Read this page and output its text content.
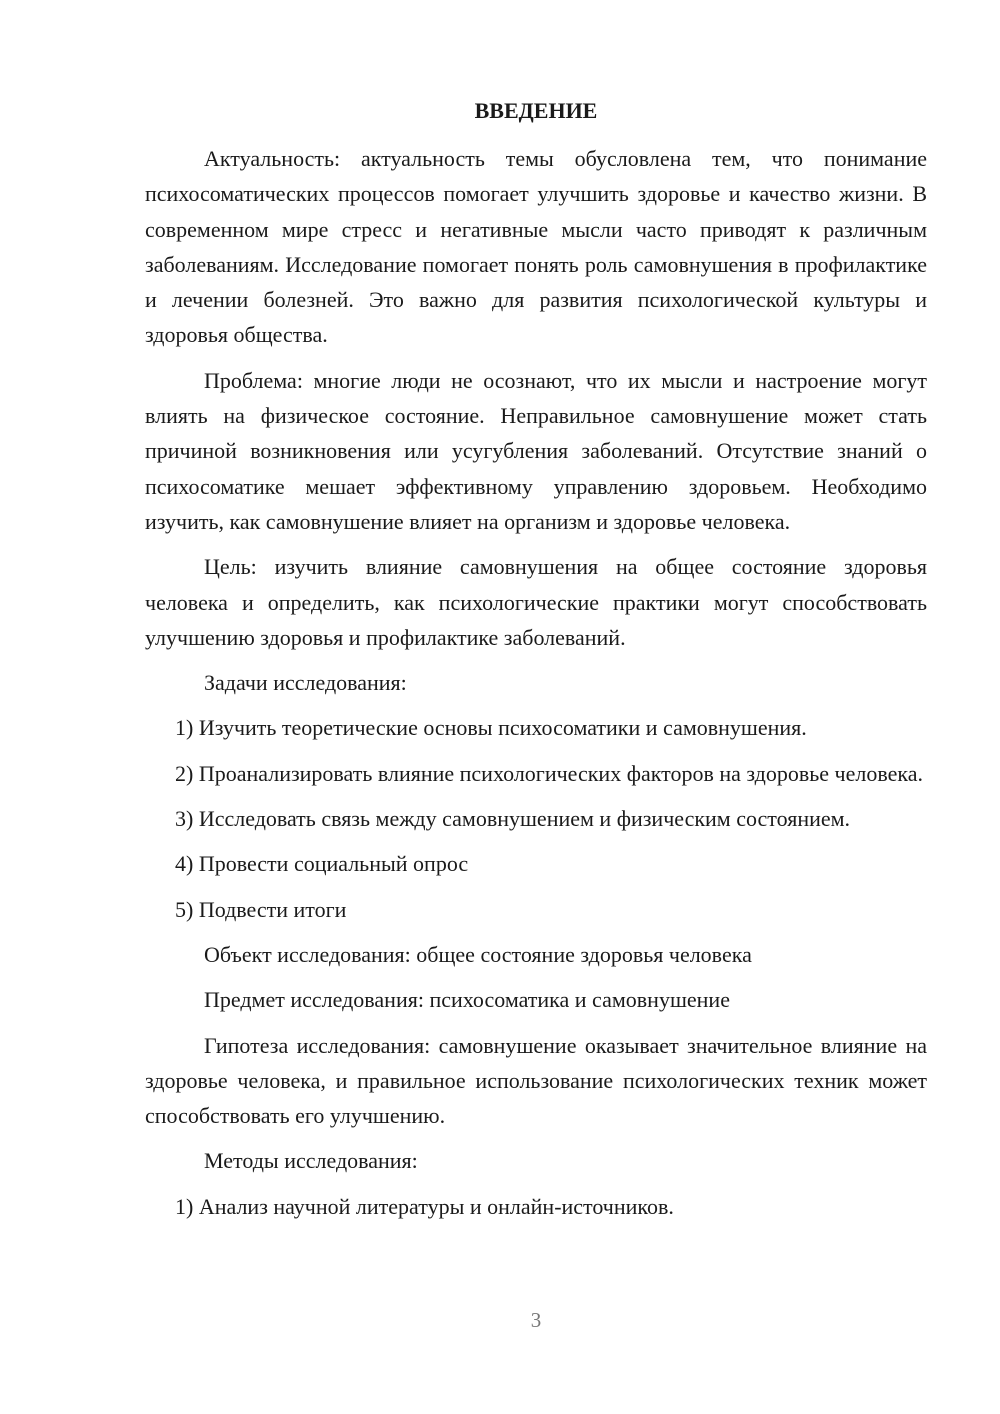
ВВЕДЕНИЕ

Актуальность: актуальность темы обусловлена тем, что понимание психосоматических процессов помогает улучшить здоровье и качество жизни. В современном мире стресс и негативные мысли часто приводят к различным заболеваниям. Исследование помогает понять роль самовнушения в профилактике и лечении болезней. Это важно для развития психологической культуры и здоровья общества.

Проблема: многие люди не осознают, что их мысли и настроение могут влиять на физическое состояние. Неправильное самовнушение может стать причиной возникновения или усугубления заболеваний. Отсутствие знаний о психосоматике мешает эффективному управлению здоровьем. Необходимо изучить, как самовнушение влияет на организм и здоровье человека.

Цель: изучить влияние самовнушения на общее состояние здоровья человека и определить, как психологические практики могут способствовать улучшению здоровья и профилактике заболеваний.

Задачи исследования:

1) Изучить теоретические основы психосоматики и самовнушения.

2) Проанализировать влияние психологических факторов на здоровье человека.

3) Исследовать связь между самовнушением и физическим состоянием.

4) Провести социальный опрос

5) Подвести итоги

Объект исследования: общее состояние здоровья человека

Предмет исследования: психосоматика и самовнушение

Гипотеза исследования: самовнушение оказывает значительное влияние на здоровье человека, и правильное использование психологических техник может способствовать его улучшению.

Методы исследования:

1) Анализ научной литературы и онлайн-источников.

3
